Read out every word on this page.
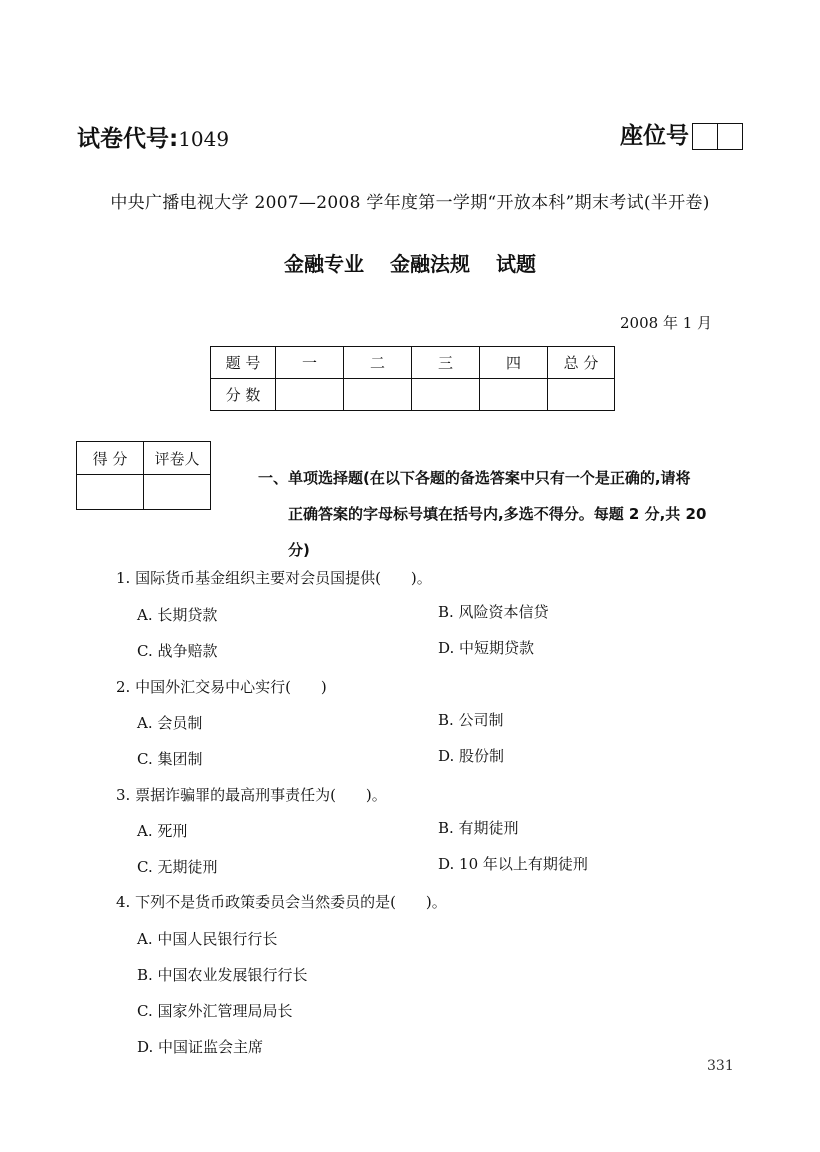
试卷代号:1049	座位号
中央广播电视大学 2007—2008 学年度第一学期“开放本科”期末考试(半开卷)
金融专业 金融法规 试题
2008 年 1 月
题 号	一	二	三	四	总 分
分 数					
得 分	评卷人

一、单项选择题(在以下各题的备选答案中只有一个是正确的,请将

正确答案的字母标号填在括号内,多选不得分。每题 2 分,共 20

分)

1. 国际货币基金组织主要对会员国提供(　　)。
A. 长期贷款	B. 风险资本信贷
C. 战争赔款	D. 中短期贷款
2. 中国外汇交易中心实行(　　)
A. 会员制	B. 公司制
C. 集团制	D. 股份制
3. 票据诈骗罪的最高刑事责任为(　　)。
A. 死刑	B. 有期徒刑
C. 无期徒刑	D. 10 年以上有期徒刑
4. 下列不是货币政策委员会当然委员的是(　　)。
A. 中国人民银行行长
B. 中国农业发展银行行长
C. 国家外汇管理局局长
D. 中国证监会主席
331
